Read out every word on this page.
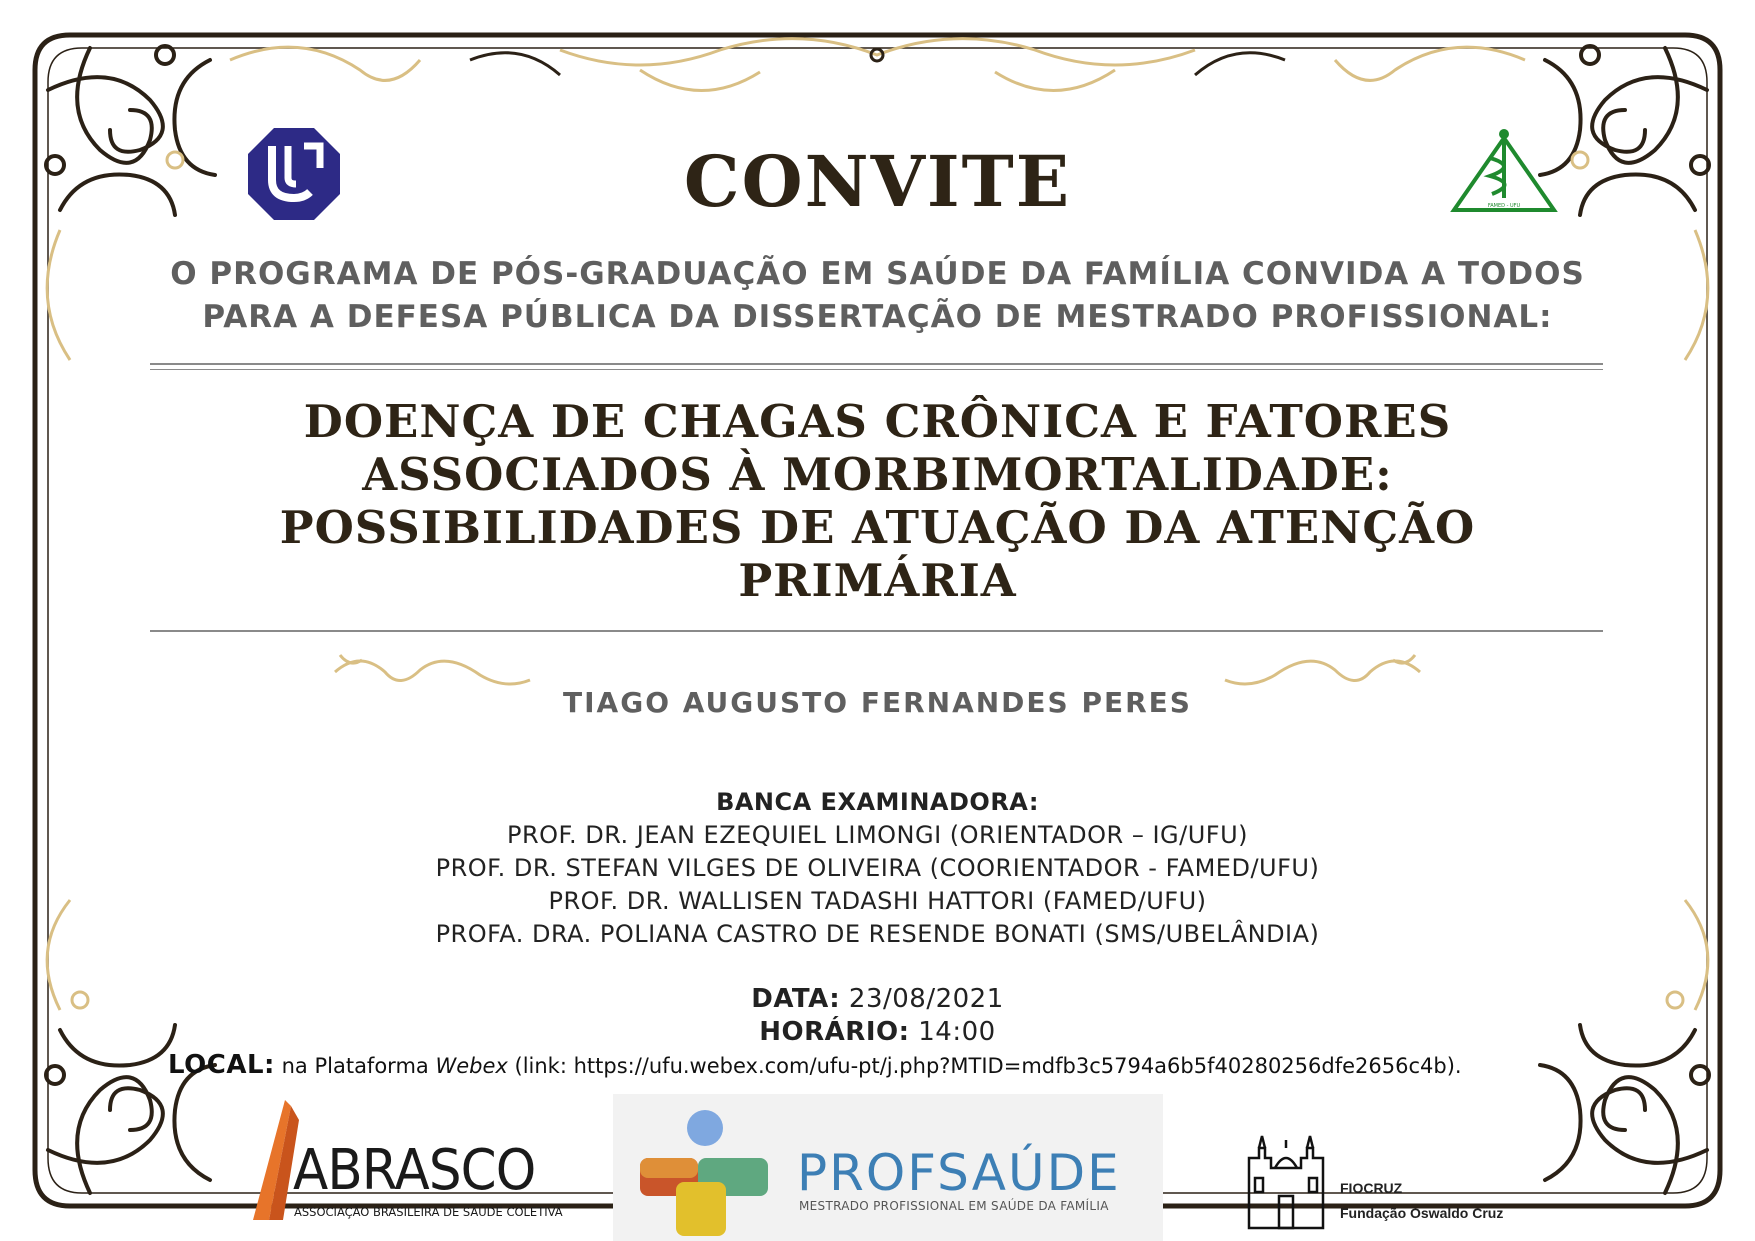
FAMED - UFU
CONVITE
O PROGRAMA DE PÓS-GRADUAÇÃO EM SAÚDE DA FAMÍLIA CONVIDA A TODOS
PARA A DEFESA PÚBLICA DA DISSERTAÇÃO DE MESTRADO PROFISSIONAL:
DOENÇA DE CHAGAS CRÔNICA E FATORES
ASSOCIADOS À MORBIMORTALIDADE:
POSSIBILIDADES DE ATUAÇÃO DA ATENÇÃO
PRIMÁRIA
TIAGO AUGUSTO FERNANDES PERES
BANCA EXAMINADORA:
PROF. DR. JEAN EZEQUIEL LIMONGI (ORIENTADOR – IG/UFU)
PROF. DR. STEFAN VILGES DE OLIVEIRA (COORIENTADOR - FAMED/UFU)
PROF. DR. WALLISEN TADASHI HATTORI (FAMED/UFU)
PROFA. DRA. POLIANA CASTRO DE RESENDE BONATI (SMS/UBELÂNDIA)
DATA: 23/08/2021
HORÁRIO: 14:00
LOCAL: na Plataforma Webex (link: https://ufu.webex.com/ufu-pt/j.php?MTID=mdfb3c5794a6b5f40280256dfe2656c4b).
ABRASCO
ASSOCIAÇÃO BRASILEIRA DE SAÚDE COLETIVA
PROFSAÚDE
MESTRADO PROFISSIONAL EM SAÚDE DA FAMÍLIA
FIOCRUZ
Fundação Oswaldo Cruz
